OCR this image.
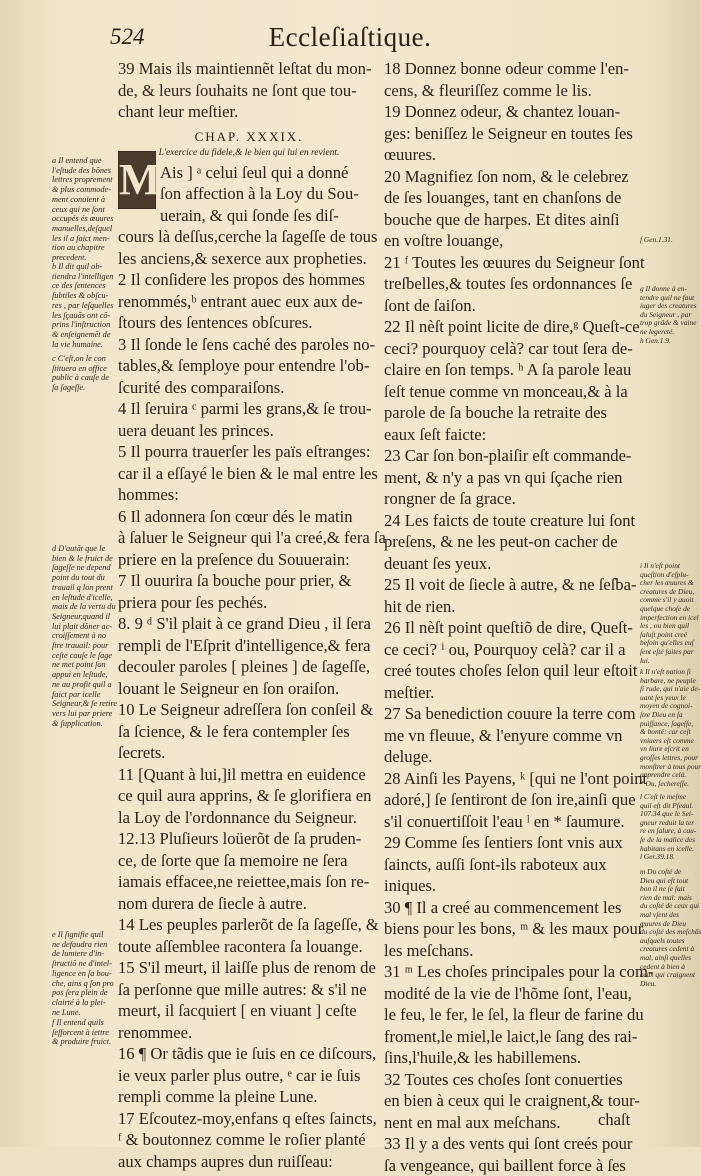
524	Eccleſiaſtique.
39 Mais ils maintiennẽt leſtat du mon-
de, & leurs ſouhaits ne ſont que tou-
chant leur meſtier.
CHAP. XXXIX.
L'exercice du fidele,& le bien qui lui en revient.
Ais ] ᵃ celui ſeul qui a donné
ſon affection à la Loy du Sou-
uerain, & qui ſonde ſes diſ-
cours là deſſus,cerche la ſageſſe de tous
les anciens,& sexerce aux propheties.
2 Il conſidere les propos des hommes
renommés,ᵇ entrant auec eux aux de-
ſtours des ſentences obſcures.
3 Il ſonde le ſens caché des paroles no-
tables,& ſemploye pour entendre l'ob-
ſcurité des comparaiſons.
4 Il ſeruira ᶜ parmi les grans,& ſe trou-
uera deuant les princes.
5 Il pourra trauerſer les païs eſtranges:
car il a eſſayé le bien & le mal entre les
hommes:
6 Il adonnera ſon cœur dés le matin
à ſaluer le Seigneur qui l'a creé,& fera ſa
priere en la preſence du Souuerain:
7 Il ouurira ſa bouche pour prier, &
priera pour ſes pechés.
8. 9 ᵈ S'il plait à ce grand Dieu , il ſera
rempli de l'Eſprit d'intelligence,& fera
decouler paroles [ pleines ] de ſageſſe,
louant le Seigneur en ſon oraiſon.
10 Le Seigneur adreſſera ſon conſeil &
ſa ſcience, & le fera contempler ſes
ſecrets.
11 [Quant à lui,]il mettra en euidence
ce quil aura apprins, & ſe glorifiera en
la Loy de l'ordonnance du Seigneur.
12.13 Pluſieurs loüerõt de ſa pruden-
ce, de ſorte que ſa memoire ne ſera
iamais effacee,ne reiettee,mais ſon re-
nom durera de ſiecle à autre.
14 Les peuples parlerõt de ſa ſageſſe, &
toute aſſemblee racontera ſa louange.
15 S'il meurt, il laiſſe plus de renom de
ſa perſonne que mille autres: & s'il ne
meurt, il ſacquiert [ en viuant ] ceſte
renommee.
16 ¶ Or tãdis que ie ſuis en ce diſcours,
ie veux parler plus outre, ᵉ car ie ſuis
rempli comme la pleine Lune.
17 Eſcoutez-moy,enfans q eſtes ſaincts,
ᶠ & boutonnez comme le roſier planté
aux champs aupres dun ruiſſeau:
18 Donnez bonne odeur comme l'en-
cens, & fleuriſſez comme le lis.
19 Donnez odeur, & chantez louan-
ges: beniſſez le Seigneur en toutes ſes
œuures.
20 Magnifiez ſon nom, & le celebrez
de ſes louanges, tant en chanſons de
bouche que de harpes. Et dites ainſi
en voſtre louange,
21 ᶠ Toutes les œuures du Seigneur ſont
treſbelles,& toutes ſes ordonnances ſe
ſont de ſaiſon.
22 Il nèſt point licite de dire,ᵍ Queſt-ce
ceci? pourquoy celà? car tout ſera de-
claire en ſon temps. ʰ A ſa parole leau
ſeſt tenue comme vn monceau,& à la
parole de ſa bouche la retraite des
eaux ſeſt faicte:
23 Car ſon bon-plaiſir eſt commande-
ment, & n'y a pas vn qui ſçache rien
rongner de ſa grace.
24 Les faicts de toute creature lui ſont
preſens, & ne les peut-on cacher de
deuant ſes yeux.
25 Il voit de ſiecle à autre, & ne ſeſba-
hit de rien.
26 Il nèſt point queſtiõ de dire, Queſt-
ce ceci? ⁱ ou, Pourquoy celà? car il a
creé toutes choſes ſelon quil leur eſtoit
meſtier.
27 Sa benediction couure la terre com
me vn fleuue, & l'enyure comme vn
deluge.
28 Ainſi les Payens, ᵏ [qui ne l'ont point
adoré,] ſe ſentiront de ſon ire,ainſi que
s'il conuertiſſoit l'eau ˡ en * ſaumure.
29 Comme ſes ſentiers ſont vnis aux
ſaincts, auſſi ſont-ils raboteux aux
iniques.
30 ¶ Il a creé au commencement les
biens pour les bons, ᵐ & les maux pour
les meſchans.
31 ᵐ Les choſes principales pour la com-
modité de la vie de l'hõme ſont, l'eau,
le feu, le fer, le ſel, la fleur de farine du
froment,le miel,le laict,le ſang des rai-
ſins,l'huile,& les habillemens.
32 Toutes ces choſes ſont conuerties
en bien à ceux qui le craignent,& tour-
nent en mal aux meſchans.
33 Il y a des vents qui ſont creés pour
ſa vengeance, qui baillent force à ſes
M
a Il entend que
l'eſtude des bõnes
lettres proprement
& plus commode-
ment conuient à
ceux qui ne ſont
occupés és œuures
manuelles,deſquel
les il a faict men-
tion au chapitre
precedent.
b Il dit quil ob-
tiendra l'intelligen
ce des ſentences
ſubtiles & obſcu-
res , par leſquelles
les ſçauãs ont cõ-
prins l'inſtruction
& enſeignemẽt de
la vie humaine.
c C'eſt,on le con
ſtituera en office
public à cauſe de
ſa ſageſſe.
d D'autãt que le
bien & le fruict de
ſageſſe ne depend
point du tout du
trauail q lon prent
en leſtude d'icelle,
mais de la vertu du
Seigneur,quand il
lui plait dõner ac-
croiſſement à no
ſtre trauail: pour
ceſte cauſe le ſage
ne met point ſon
appui en leſtude,
ne au profit quil a
faict par icelle
Seigneur,& ſe retire
vers lui par priere
& ſupplication.
e Il ſignifie quil
ne defaudra rien
de lumiere d'in-
ſtructiõ ne d'intel-
ligence en ſa bou-
che, ains q ſon pro
pos ſera plein de
clairté à la plei-
ne Lune.
f Il entend quils
ſeſforcent à iettre
& produire fruict.
f Gen.1.31.
g Il donne à en-
tendre quil ne faut
iuger des creatures
du Seigneur , par
trop grãde & vaine
ne legereté.
h Gen.1.9.
i Il n'eſt point
queſtion d'eſplu-
cher les œuures &
creatures de Dieu,
comme s'il y auoit
quelque choſe de
imperfection en icel
les , ou bien quil
faluſt point creé
beſoin qu'elles euſ
ſent eſté faites par
lui.
k Il n'eſt nation ſi
barbare, ne peuple
ſi rude, qui n'aie de-
uant ſes yeux le
moyen de cognoi-
ſtre Dieu en ſa
puiſſance, ſageſſe,
& bonté: car ceſt
vniuers eſt comme
vn liure eſcrit en
groſſes lettres, pour
monſtrer à tous pour
apprendre celà.
* Ou, ſechereſſe.
l C'eſt le meſme
quil eſt dit Pſeaul.
107.34 que le Sei-
gneur reduit la ter
re en ſalure, à cau-
ſe de la malice des
habitans en icelle.
l Ger.39.18.
m Du coſté de
Dieu qui eſt tout
bon il ne ſe fait
rien de mal: mais
du coſté de ceux qui
mal vſent des
œuures de Dieu
du coſté des meſchãs
auſquels toutes
creatures cedent à
mal, ainſi quelles
cedent à bien à
ceux qui craignent
Dieu.
chaſt
